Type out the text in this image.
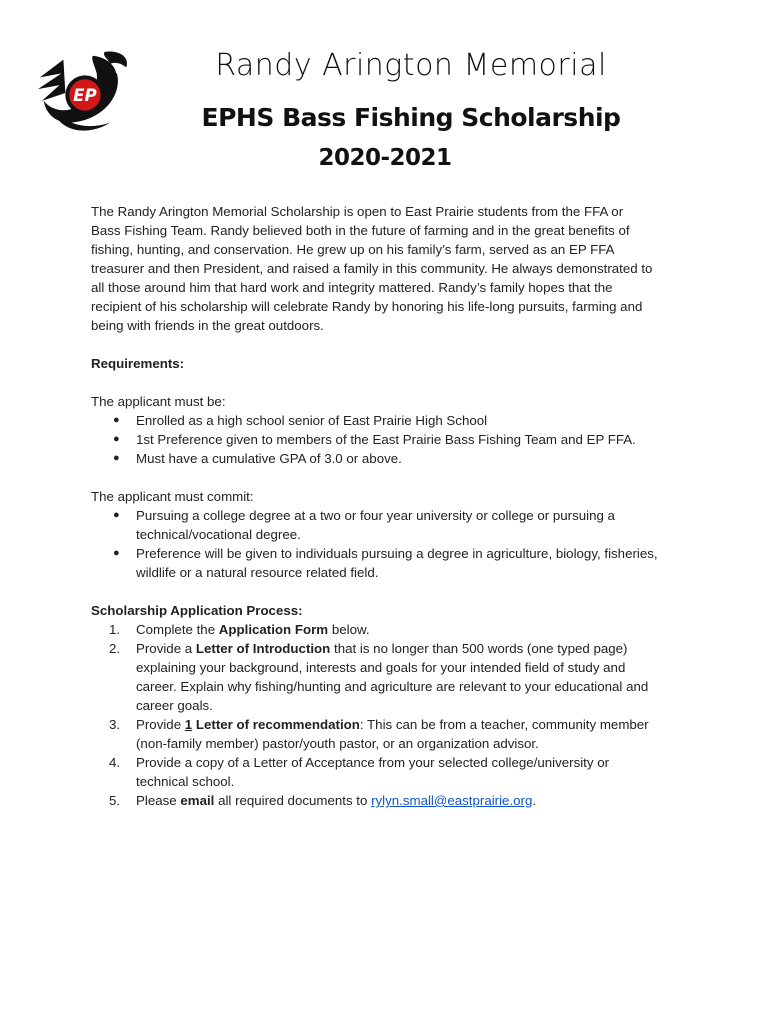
EP
Randy Arington Memorial
EPHS Bass Fishing Scholarship
2020-2021

The Randy Arington Memorial Scholarship is open to East Prairie students from the FFA or
Bass Fishing Team. Randy believed both in the future of farming and in the great benefits of
fishing, hunting, and conservation. He grew up on his family’s farm, served as an EP FFA
treasurer and then President, and raised a family in this community. He always demonstrated to
all those around him that hard work and integrity mattered. Randy’s family hopes that the
recipient of his scholarship will celebrate Randy by honoring his life-long pursuits, farming and
being with friends in the great outdoors.

Requirements:
The applicant must be:
● Enrolled as a high school senior of East Prairie High School
● 1st Preference given to members of the East Prairie Bass Fishing Team and EP FFA.
● Must have a cumulative GPA of 3.0 or above.
The applicant must commit:
● Pursuing a college degree at a two or four year university or college or pursuing a
technical/vocational degree.
● Preference will be given to individuals pursuing a degree in agriculture, biology, fisheries,
wildlife or a natural resource related field.
Scholarship Application Process:
1. Complete the Application Form below.
2. Provide a Letter of Introduction that is no longer than 500 words (one typed page)
explaining your background, interests and goals for your intended field of study and
career. Explain why fishing/hunting and agriculture are relevant to your educational and
career goals.
3. Provide 1 Letter of recommendation: This can be from a teacher, community member
(non-family member) pastor/youth pastor, or an organization advisor.
4. Provide a copy of a Letter of Acceptance from your selected college/university or
technical school.
5. Please email all required documents to rylyn.small@eastprairie.org.
